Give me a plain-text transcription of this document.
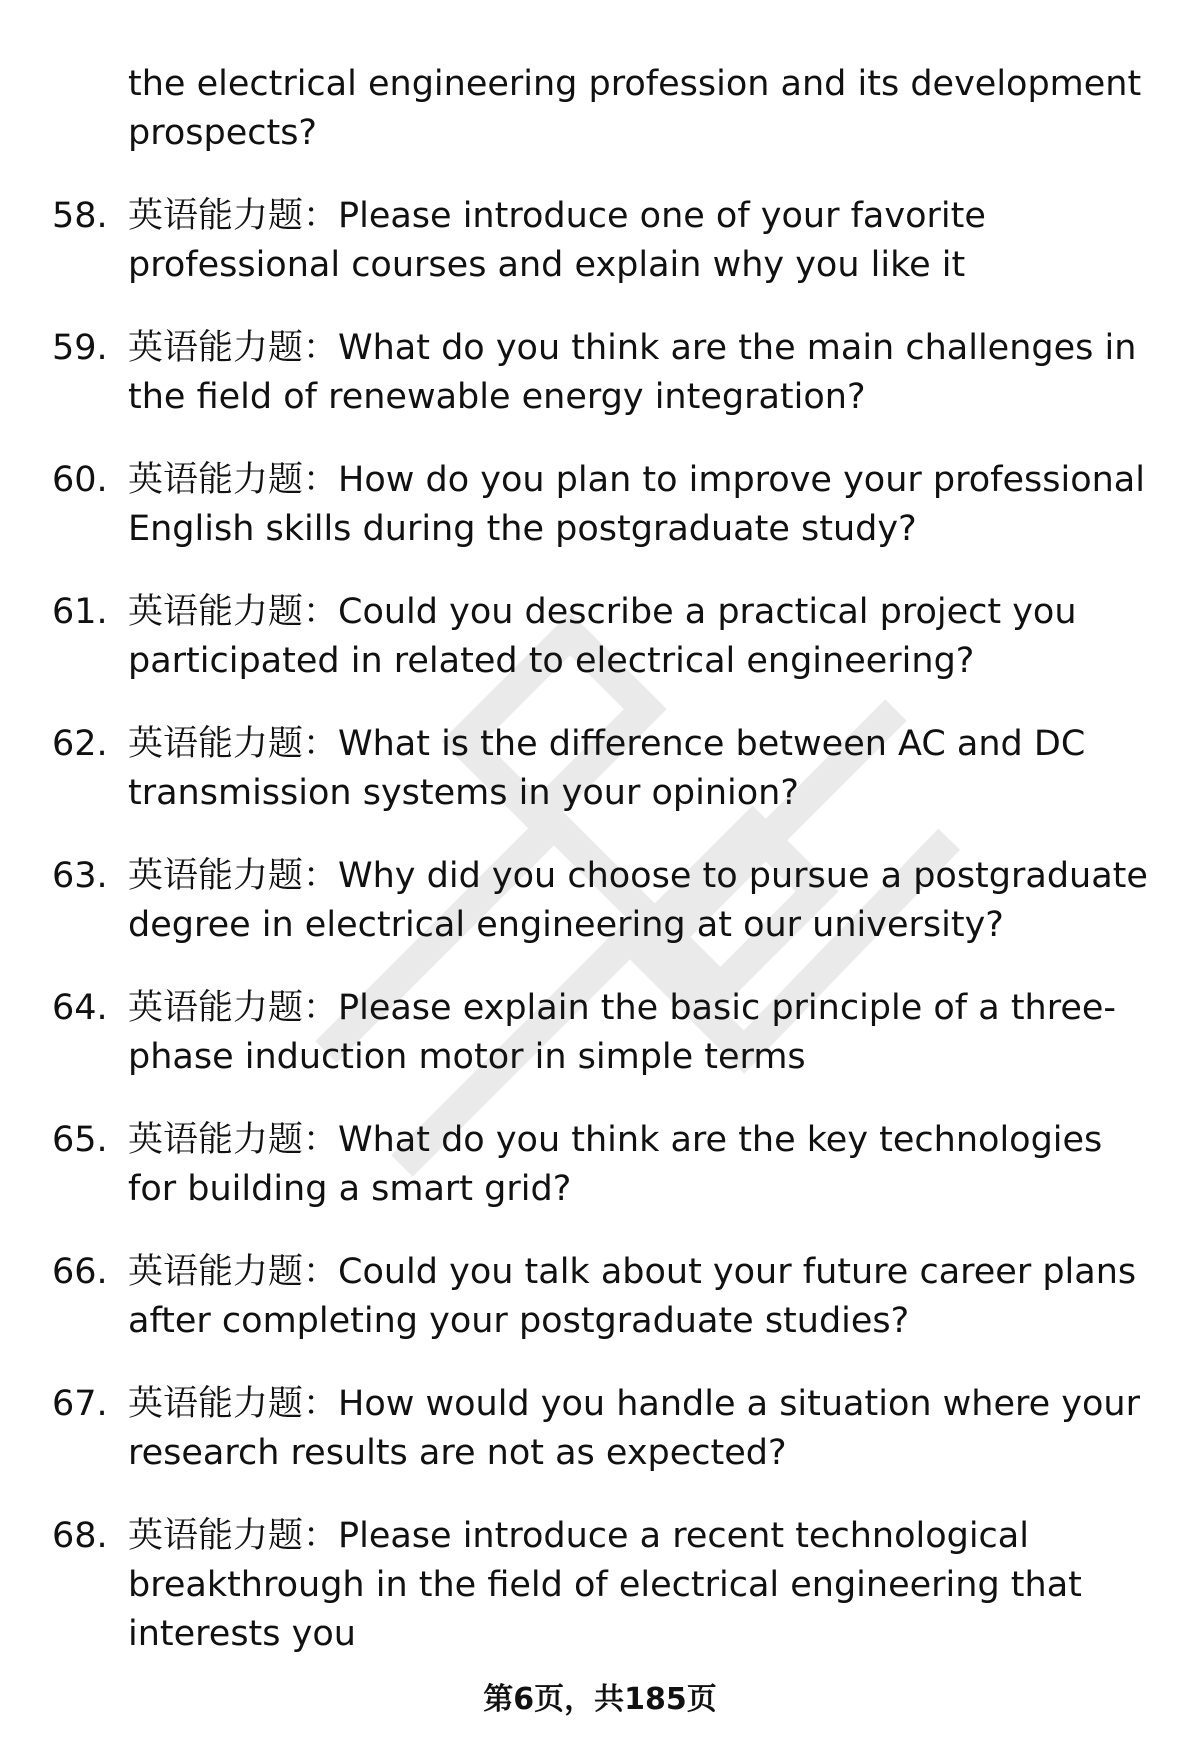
the electrical engineering profession and its development prospects?

58. 英语能力题：Please introduce one of your favorite professional courses and explain why you like it
59. 英语能力题：What do you think are the main challenges in the field of renewable energy integration?
60. 英语能力题：How do you plan to improve your professional English skills during the postgraduate study?
61. 英语能力题：Could you describe a practical project you participated in related to electrical engineering?
62. 英语能力题：What is the difference between AC and DC transmission systems in your opinion?
63. 英语能力题：Why did you choose to pursue a postgraduate degree in electrical engineering at our university?
64. 英语能力题：Please explain the basic principle of a three-phase induction motor in simple terms
65. 英语能力题：What do you think are the key technologies for building a smart grid?
66. 英语能力题：Could you talk about your future career plans after completing your postgraduate studies?
67. 英语能力题：How would you handle a situation where your research results are not as expected?
68. 英语能力题：Please introduce a recent technological breakthrough in the field of electrical engineering that interests you
第6页，共185页
